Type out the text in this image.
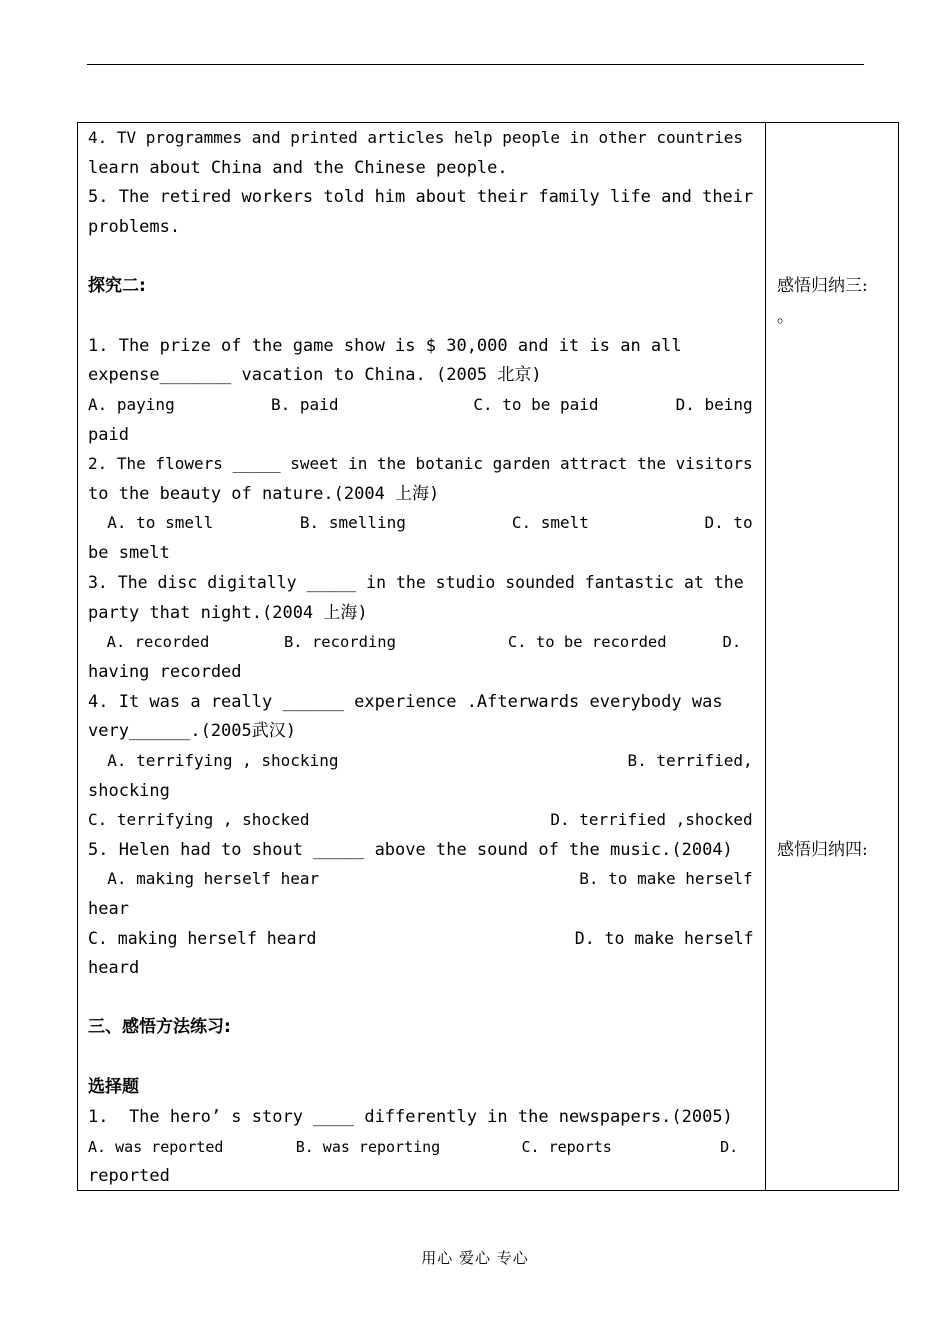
4. TV programmes and printed articles help people in other countries
learn about China and the Chinese people.
5. The retired workers told him about their family life and their
problems.
探究二:
1. The prize of the game show is $ 30,000 and it is an all
expense_______ vacation to China. (2005 北京)
A. paying          B. paid              C. to be paid        D. being
paid
2. The flowers _____ sweet in the botanic garden attract the visitors
to the beauty of nature.(2004 上海)
A. to smell         B. smelling           C. smelt            D. to
be smelt
3. The disc digitally _____ in the studio sounded fantastic at the
party that night.(2004 上海)
A. recorded        B. recording            C. to be recorded      D.
having recorded
4. It was a really ______ experience .Afterwards everybody was
very______.(2005武汉)
A. terrifying , shocking                              B. terrified,
shocking
C. terrifying , shocked                         D. terrified ,shocked
5. Helen had to shout _____ above the sound of the music.(2004)
A. making herself hear                           B. to make herself
hear
C. making herself heard                          D. to make herself
heard
三、感悟方法练习:
选择题
1.  The hero’ s story ____ differently in the newspapers.(2005)
A. was reported        B. was reporting         C. reports            D.
reported
感悟归纳三:
。
感悟归纳四:
用心 爱心 专心
